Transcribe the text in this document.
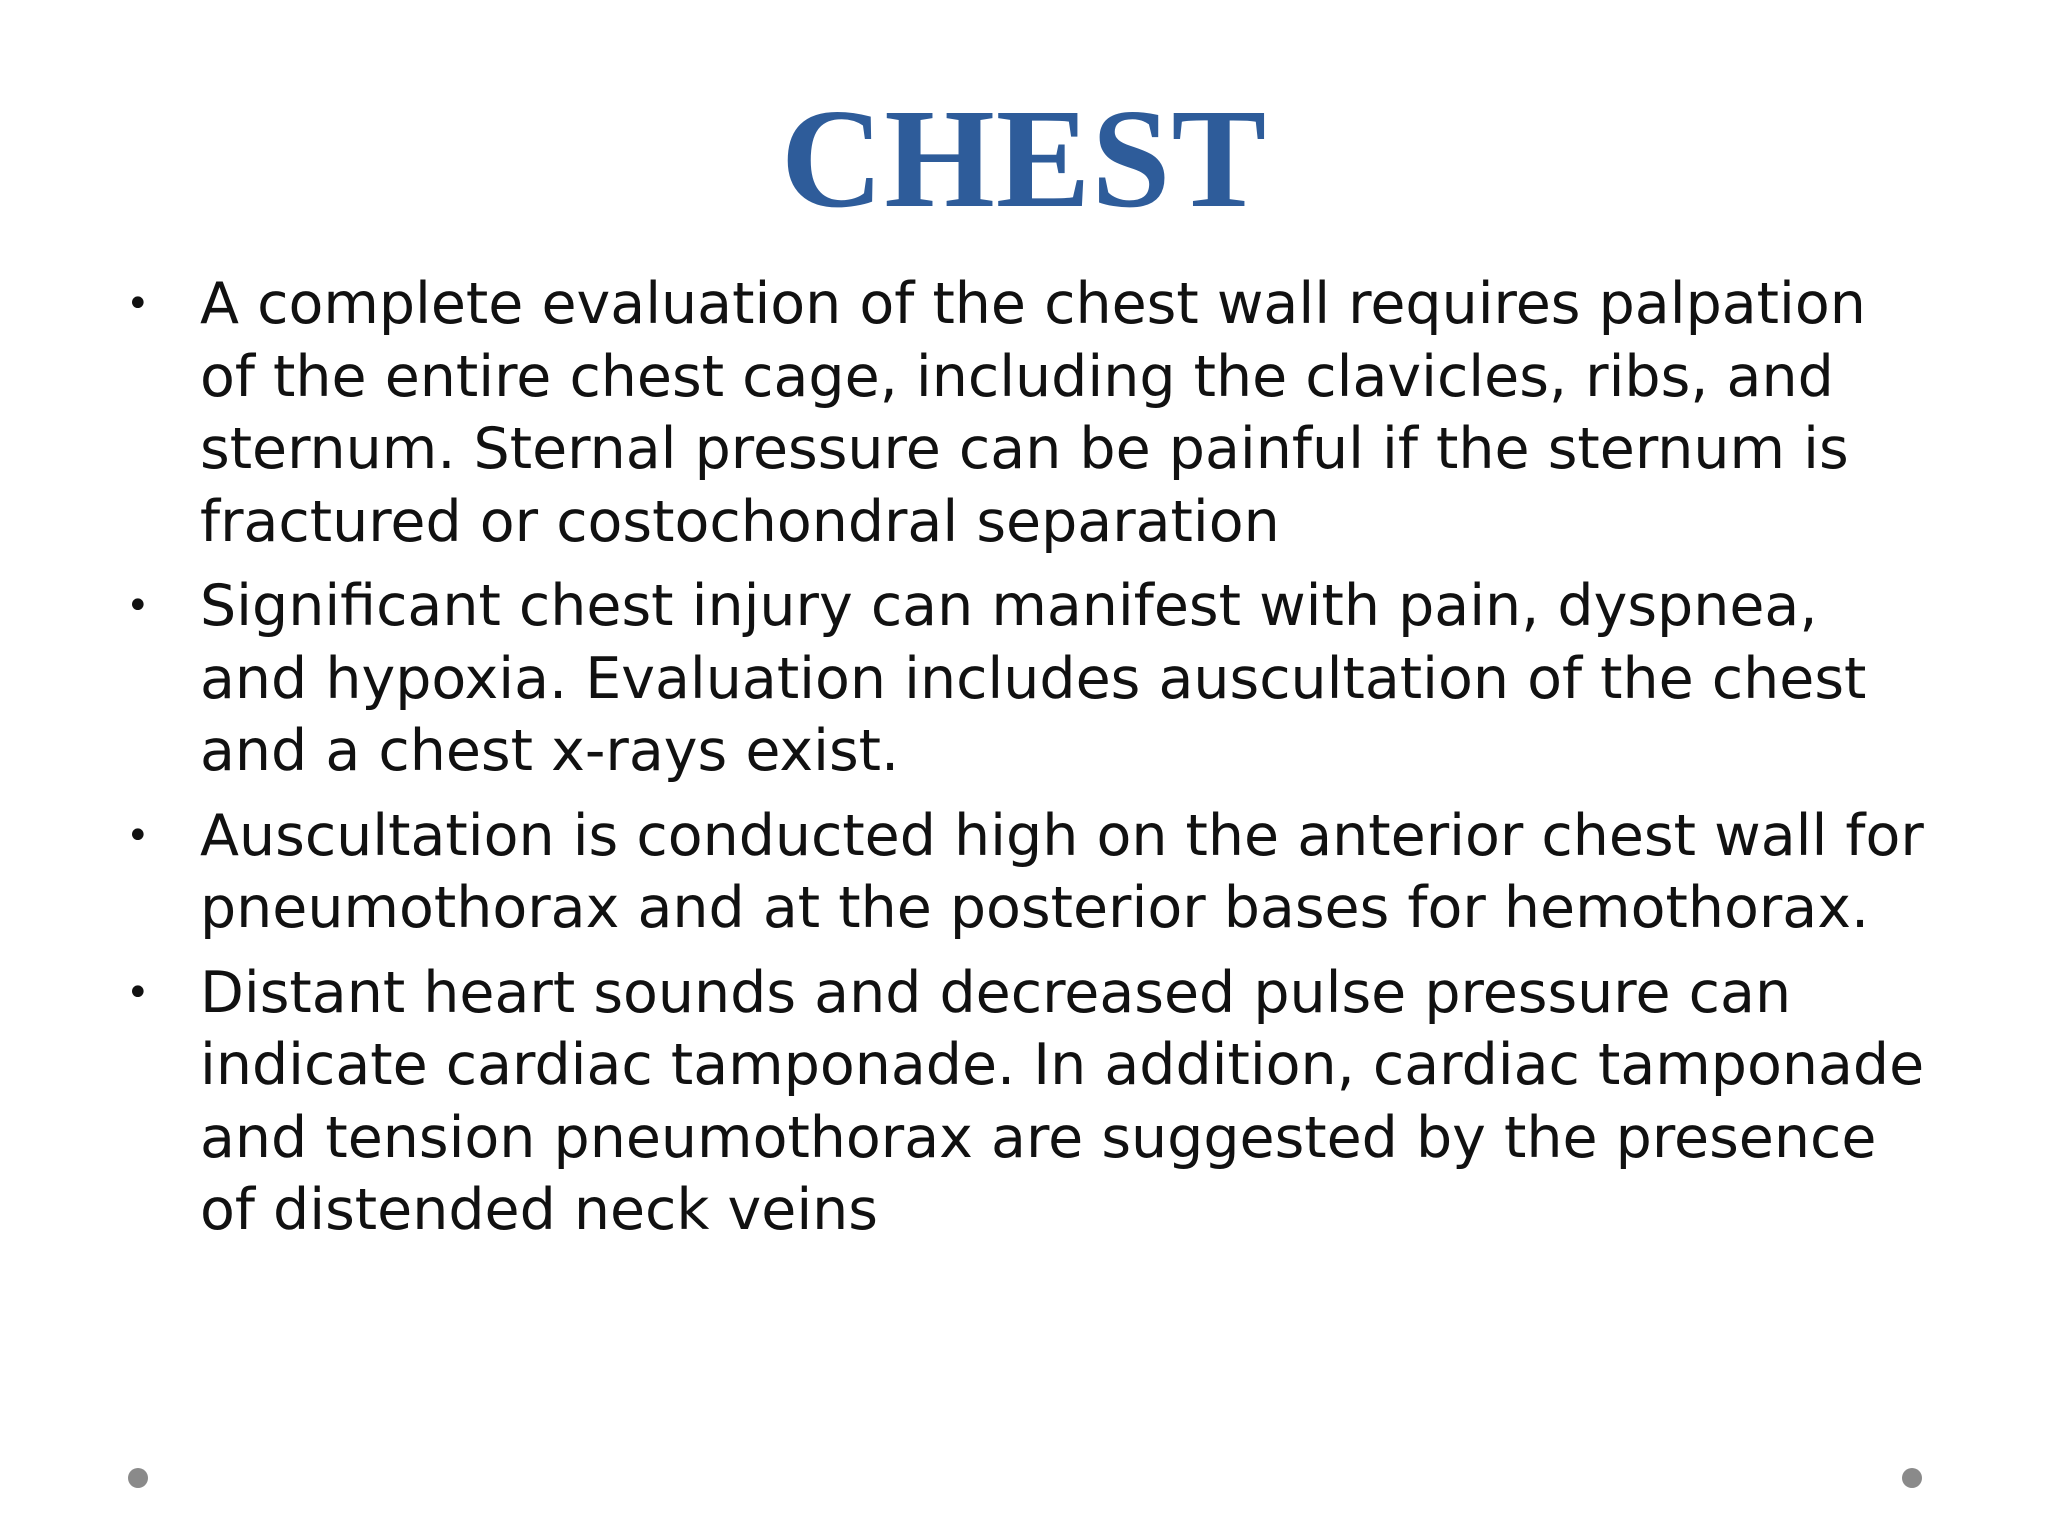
CHEST
• A complete evaluation of the chest wall requires palpation of the entire chest cage, including the clavicles, ribs, and sternum. Sternal pressure can be painful if the sternum is fractured or costochondral separation
• Significant chest injury can manifest with pain, dyspnea, and hypoxia. Evaluation includes auscultation of the chest and a chest x-rays exist.
• Auscultation is conducted high on the anterior chest wall for pneumothorax and at the posterior bases for hemothorax.
• Distant heart sounds and decreased pulse pressure can indicate cardiac tamponade. In addition, cardiac tamponade and tension pneumothorax are suggested by the presence of distended neck veins
